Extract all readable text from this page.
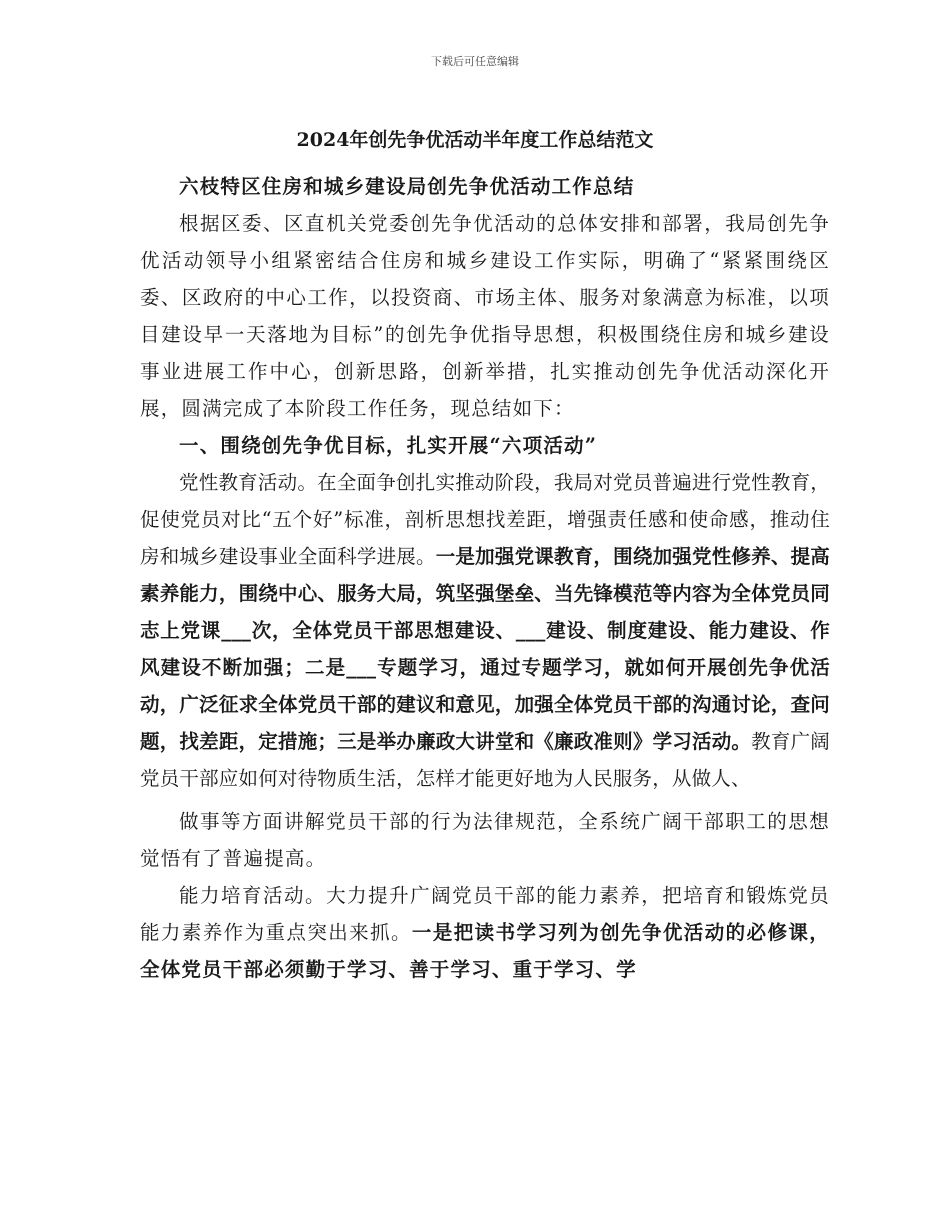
下载后可任意编辑
2024年创先争优活动半年度工作总结范文

六枝特区住房和城乡建设局创先争优活动工作总结

根据区委、区直机关党委创先争优活动的总体安排和部署，我局创先争优活动领导小组紧密结合住房和城乡建设工作实际，明确了“紧紧围绕区委、区政府的中心工作，以投资商、市场主体、服务对象满意为标准，以项目建设早一天落地为目标”的创先争优指导思想，积极围绕住房和城乡建设事业进展工作中心，创新思路，创新举措，扎实推动创先争优活动深化开展，圆满完成了本阶段工作任务，现总结如下：

一、围绕创先争优目标，扎实开展“六项活动”

党性教育活动。在全面争创扎实推动阶段，我局对党员普遍进行党性教育，促使党员对比“五个好”标准，剖析思想找差距，增强责任感和使命感，推动住房和城乡建设事业全面科学进展。一是加强党课教育，围绕加强党性修养、提高素养能力，围绕中心、服务大局，筑坚强堡垒、当先锋模范等内容为全体党员同志上党课___次，全体党员干部思想建设、___建设、制度建设、能力建设、作风建设不断加强；二是___专题学习，通过专题学习，就如何开展创先争优活动，广泛征求全体党员干部的建议和意见，加强全体党员干部的沟通讨论，查问题，找差距，定措施；三是举办廉政大讲堂和《廉政准则》学习活动。教育广阔党员干部应如何对待物质生活，怎样才能更好地为人民服务，从做人、

做事等方面讲解党员干部的行为法律规范，全系统广阔干部职工的思想觉悟有了普遍提高。

能力培育活动。大力提升广阔党员干部的能力素养，把培育和锻炼党员能力素养作为重点突出来抓。一是把读书学习列为创先争优活动的必修课，全体党员干部必须勤于学习、善于学习、重于学习、学
